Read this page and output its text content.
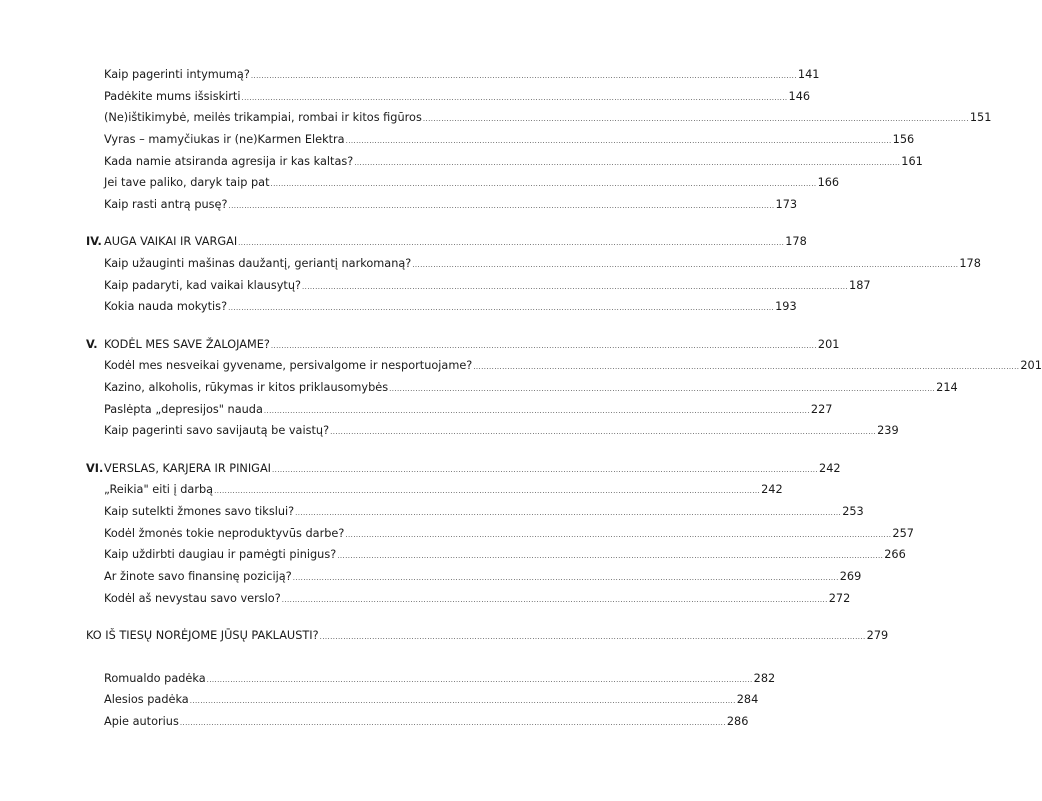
Kaip pagerinti intymumą? .....	141
Padėkite mums išsiskirti .....	146
(Ne)ištikimybė, meilės trikampiai, rombai ir kitos figūros .....	151
Vyras – mamyčiukas ir (ne)Karmen Elektra .....	156
Kada namie atsiranda agresija ir kas kaltas? .....	161
Jei tave paliko, daryk taip pat .....	166
Kaip rasti antrą pusę? .....	173
IV. AUGA VAIKAI IR VARGAI .....	178
Kaip užauginti mašinas daužantį, geriantį narkomaną? .....	178
Kaip padaryti, kad vaikai klausytų? .....	187
Kokia nauda mokytis? .....	193
V. KODĖL MES SAVE ŽALOJAME? .....	201
Kodėl mes nesveikai gyvename, persivalgome ir nesportuojame? .....	201
Kazino, alkoholis, rūkymas ir kitos priklausomybės .....	214
Paslėpta „depresijos" nauda .....	227
Kaip pagerinti savo savijautą be vaistų? .....	239
VI. VERSLAS, KARJERA IR PINIGAI .....	242
„Reikia" eiti į darbą .....	242
Kaip sutelkti žmones savo tikslui? .....	253
Kodėl žmonės tokie neproduktyvūs darbe? .....	257
Kaip uždirbti daugiau ir pamėgti pinigus? .....	266
Ar žinote savo finansinę poziciją? .....	269
Kodėl aš nevystau savo verslo? .....	272
KO IŠ TIESŲ NORĖJOME JŪSŲ PAKLAUSTI? .....	279
Romualdo padėka .....	282
Alesios padėka .....	284
Apie autorius .....	286
